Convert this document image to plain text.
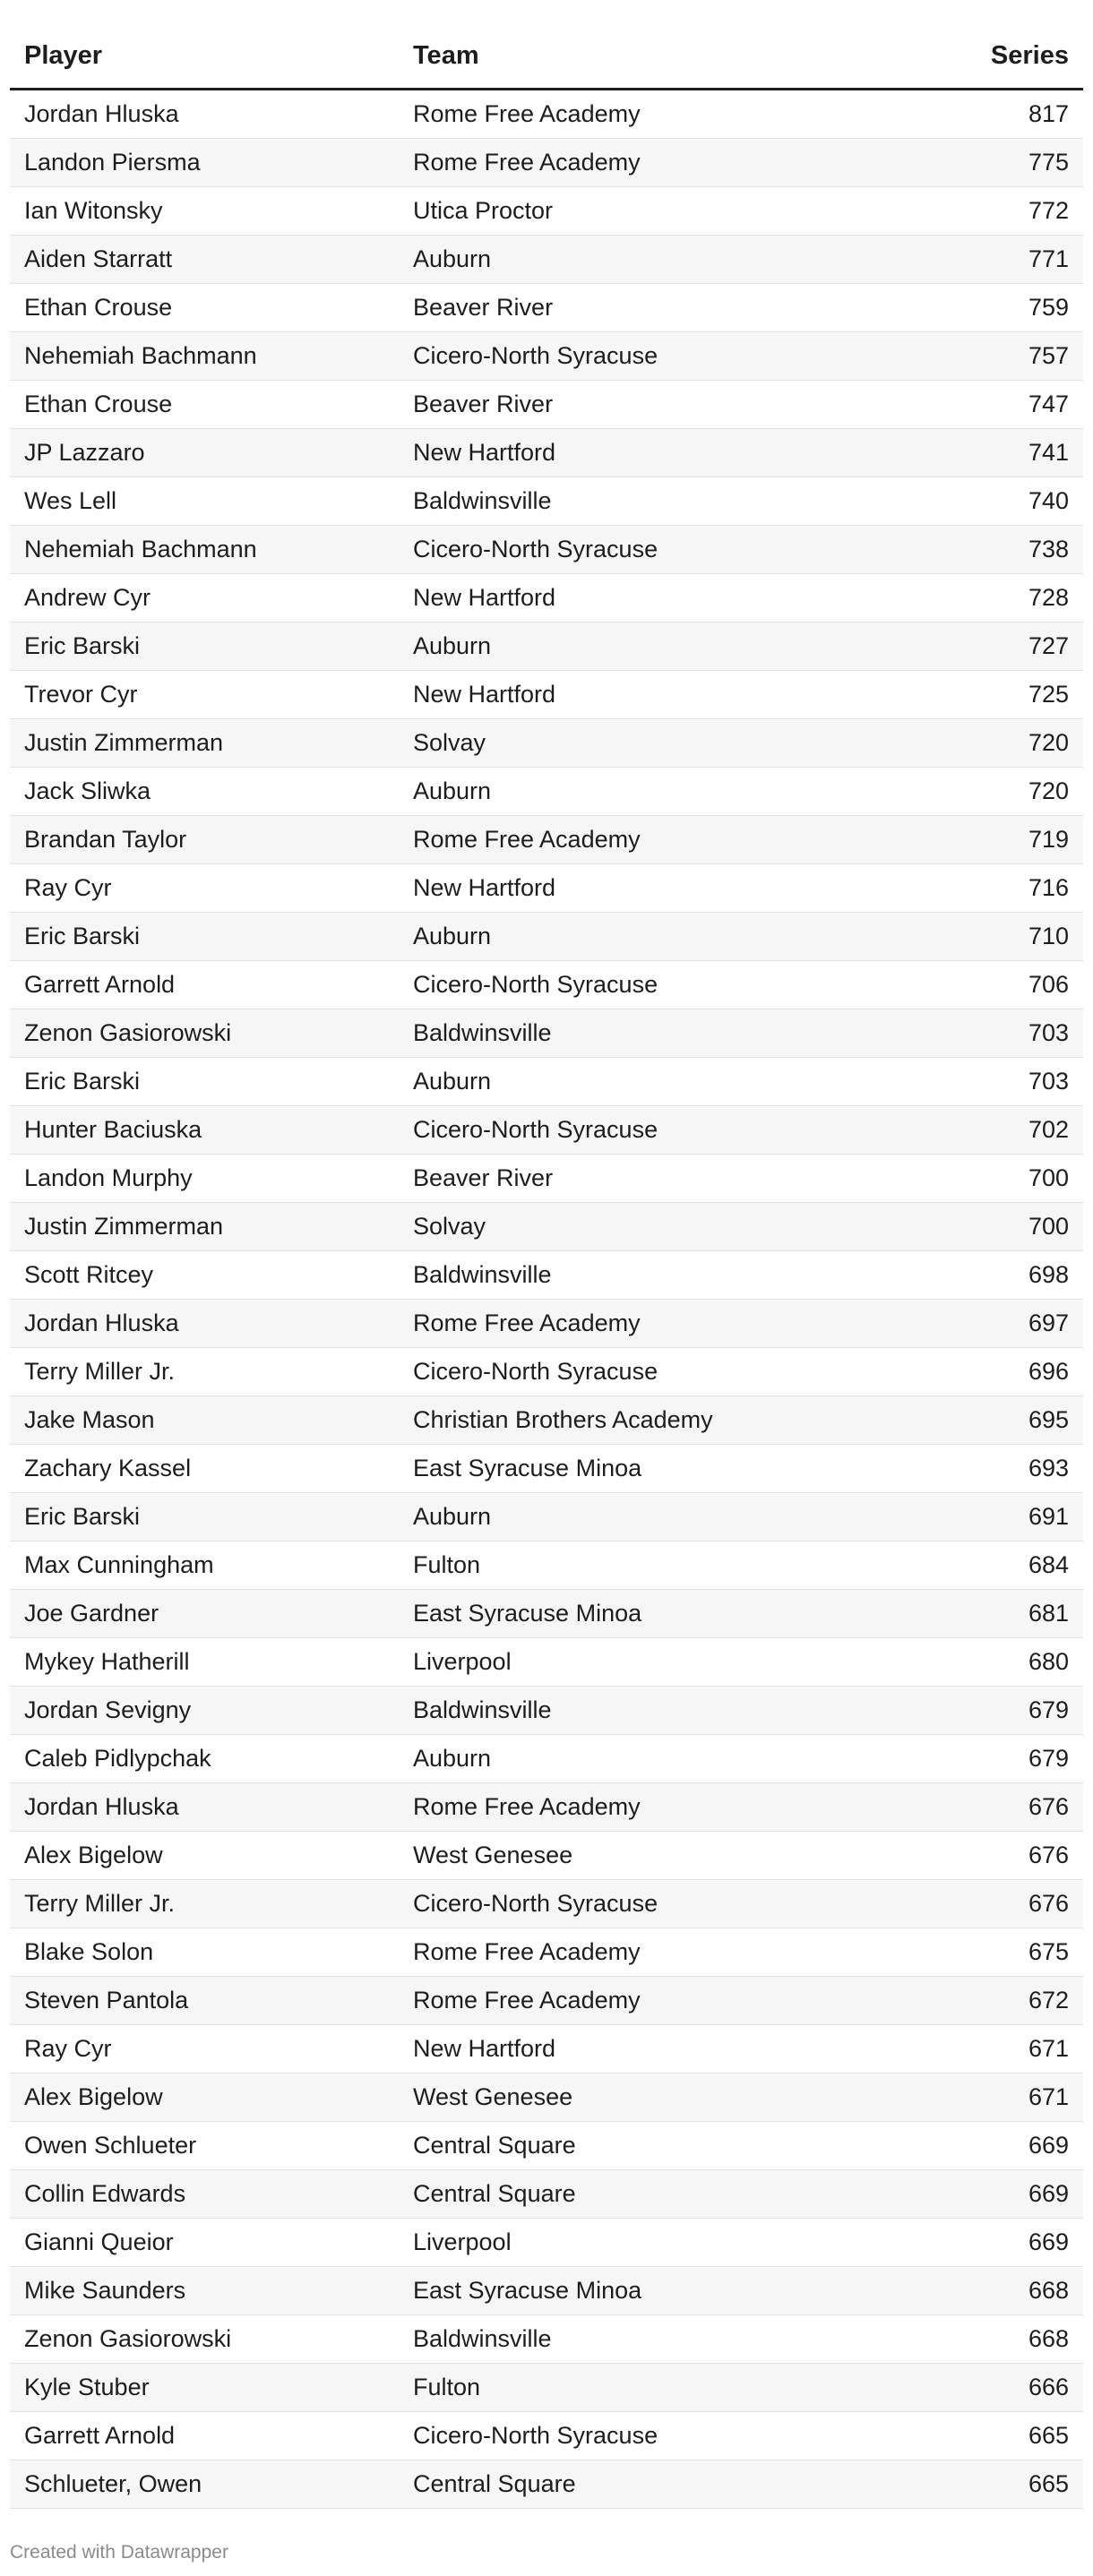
Player	Team	Series
Jordan Hluska	Rome Free Academy	817
Landon Piersma	Rome Free Academy	775
Ian Witonsky	Utica Proctor	772
Aiden Starratt	Auburn	771
Ethan Crouse	Beaver River	759
Nehemiah Bachmann	Cicero-North Syracuse	757
Ethan Crouse	Beaver River	747
JP Lazzaro	New Hartford	741
Wes Lell	Baldwinsville	740
Nehemiah Bachmann	Cicero-North Syracuse	738
Andrew Cyr	New Hartford	728
Eric Barski	Auburn	727
Trevor Cyr	New Hartford	725
Justin Zimmerman	Solvay	720
Jack Sliwka	Auburn	720
Brandan Taylor	Rome Free Academy	719
Ray Cyr	New Hartford	716
Eric Barski	Auburn	710
Garrett Arnold	Cicero-North Syracuse	706
Zenon Gasiorowski	Baldwinsville	703
Eric Barski	Auburn	703
Hunter Baciuska	Cicero-North Syracuse	702
Landon Murphy	Beaver River	700
Justin Zimmerman	Solvay	700
Scott Ritcey	Baldwinsville	698
Jordan Hluska	Rome Free Academy	697
Terry Miller Jr.	Cicero-North Syracuse	696
Jake Mason	Christian Brothers Academy	695
Zachary Kassel	East Syracuse Minoa	693
Eric Barski	Auburn	691
Max Cunningham	Fulton	684
Joe Gardner	East Syracuse Minoa	681
Mykey Hatherill	Liverpool	680
Jordan Sevigny	Baldwinsville	679
Caleb Pidlypchak	Auburn	679
Jordan Hluska	Rome Free Academy	676
Alex Bigelow	West Genesee	676
Terry Miller Jr.	Cicero-North Syracuse	676
Blake Solon	Rome Free Academy	675
Steven Pantola	Rome Free Academy	672
Ray Cyr	New Hartford	671
Alex Bigelow	West Genesee	671
Owen Schlueter	Central Square	669
Collin Edwards	Central Square	669
Gianni Queior	Liverpool	669
Mike Saunders	East Syracuse Minoa	668
Zenon Gasiorowski	Baldwinsville	668
Kyle Stuber	Fulton	666
Garrett Arnold	Cicero-North Syracuse	665
Schlueter, Owen	Central Square	665
Created with Datawrapper
